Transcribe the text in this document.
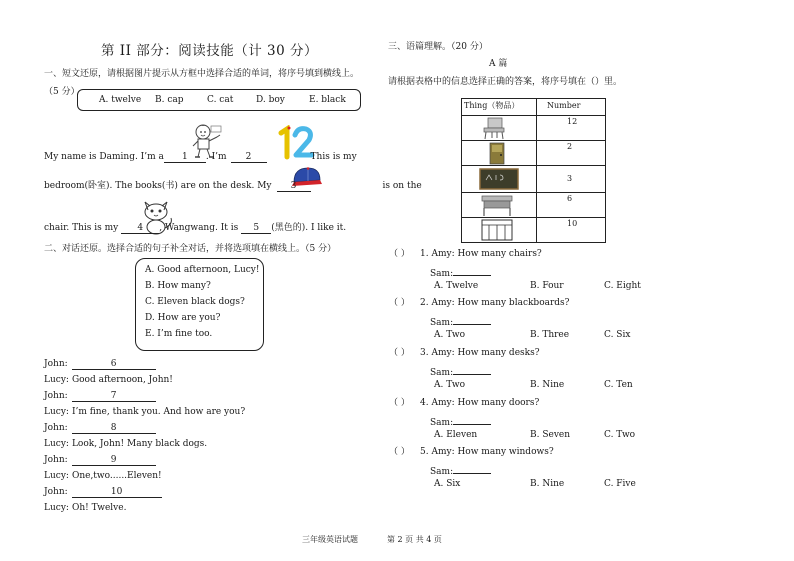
第 II 部分：阅读技能（计 30 分）
一、短文还原，请根据图片提示从方框中选择合适的单词，将序号填到横线上。
（5 分）
A. twelve B. cap	C. cat	D. boy	E. black
My name is Daming. I’m a 1 . I’m 2	This is my
bedroom(卧室). The books(书) are on the desk. My 3	is on the
chair. This is my 4 , Wangwang. It is 5 (黑色的). I like it.
二、对话还原。选择合适的句子补全对话，并将选项填在横线上。（5 分）
A. Good afternoon, Lucy!
B. How many?
C. Eleven black dogs?
D. How are you?
E. I’m fine too.
John:	6
Lucy: Good afternoon, John!
John:	7
Lucy: I’m fine, thank you. And how are you?
John:	8
Lucy: Look, John! Many black dogs.
John:	9
Lucy: One,two......Eleven!
John:	10
Lucy: Oh! Twelve.
三、语篇理解。（20 分）
A 篇
请根据表格中的信息选择正确的答案，将序号填在（）里。
Thing（物品）	Number

	12

	2

	3

	6

	10
（ ） 1. Amy: How many chairs?
Sam:
A. Twelve	B. Four	C. Eight
（ ） 2. Amy: How many blackboards?
Sam:
A. Two	B. Three	C. Six
（ ） 3. Amy: How many desks?
Sam:
A. Two	B. Nine	C. Ten
（ ） 4. Amy: How many doors?
Sam:
A. Eleven	B. Seven	C. Two
（ ） 5. Amy: How many windows?
Sam:
A. Six	B. Nine	C. Five
三年级英语试题	第 2 页 共 4 页
